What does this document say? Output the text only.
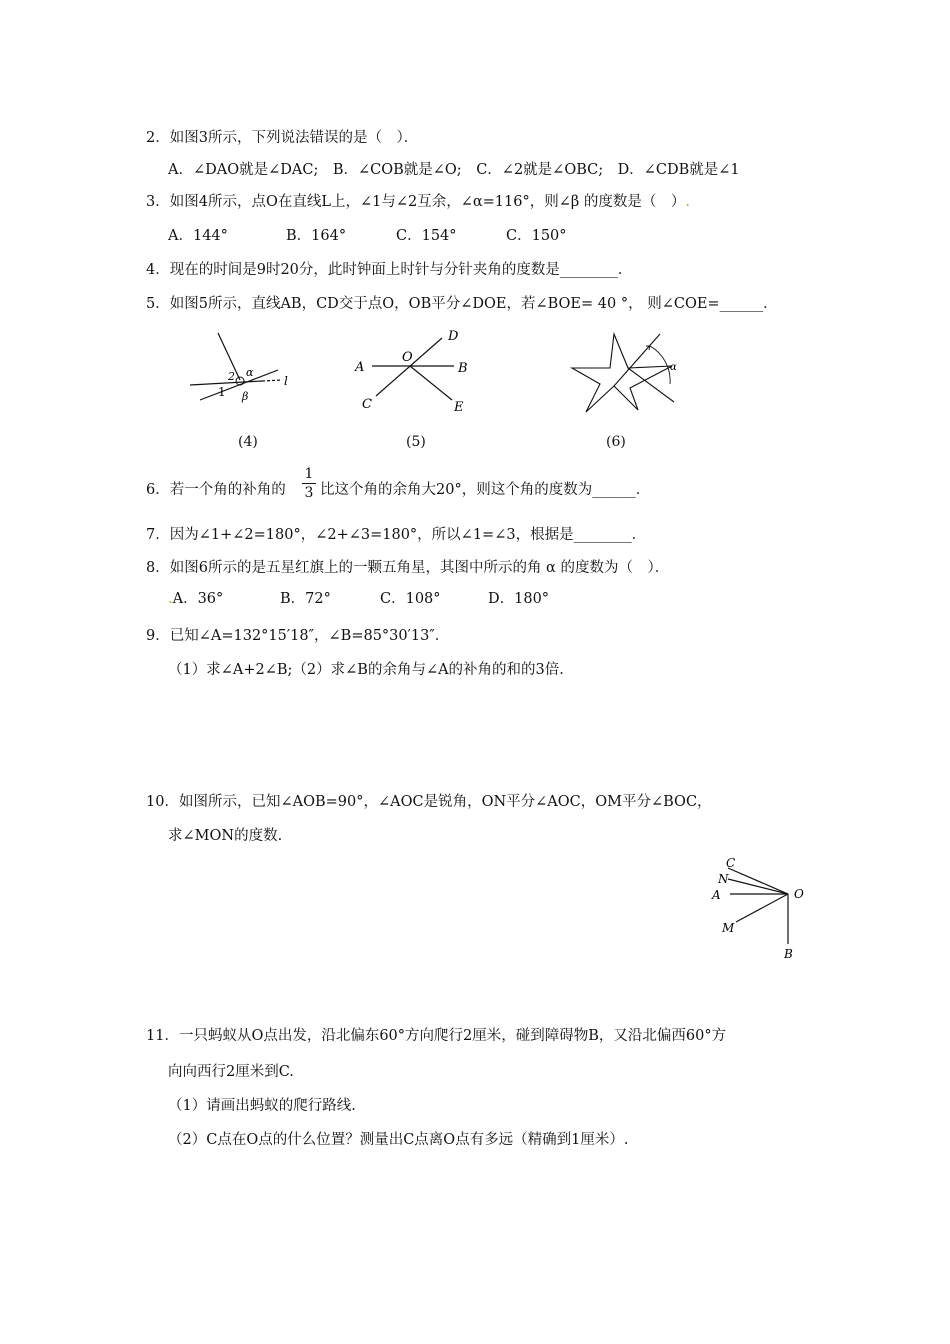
2．如图3所示，下列说法错误的是（　）．
A．∠DAO就是∠DAC;　B．∠COB就是∠O;　C．∠2就是∠OBC;　D．∠CDB就是∠1
3．如图4所示，点O在直线L上，∠1与∠2互余，∠α=116°，则∠β 的度数是（　）.
A．144°	B．164°	C．154°	C．150°
4．现在的时间是9时20分，此时钟面上时针与分针夹角的度数是________．
5．如图5所示，直线AB，CD交于点O，OB平分∠DOE，若∠BOE= 40 °， 则∠COE=______．
2
1
α
β
l
(4)
A	B
C
D
E
O
(5)
α
(6)
6．若一个角的补角的
1
3 比这个角的余角大20°，则这个角的度数为______．
7．因为∠1+∠2=180°，∠2+∠3=180°，所以∠1=∠3，根据是________．
8．如图6所示的是五星红旗上的一颗五角星，其图中所示的角 α 的度数为（　）．
.A．36°	B．72°	C．108°	D．180°
9．已知∠A=132°15′18″，∠B=85°30′13″．
（1）求∠A+2∠B;（2）求∠B的余角与∠A的补角的和的3倍.
10．如图所示，已知∠AOB=90°，∠AOC是锐角，ON平分∠AOC，OM平分∠BOC，
求∠MON的度数.
C
N
A	O
M
B
11．一只蚂蚁从O点出发，沿北偏东60°方向爬行2厘米，碰到障碍物B，又沿北偏西60°方
向向西行2厘米到C.
（1）请画出蚂蚁的爬行路线.
（2）C点在O点的什么位置？测量出C点离O点有多远（精确到1厘米）.
